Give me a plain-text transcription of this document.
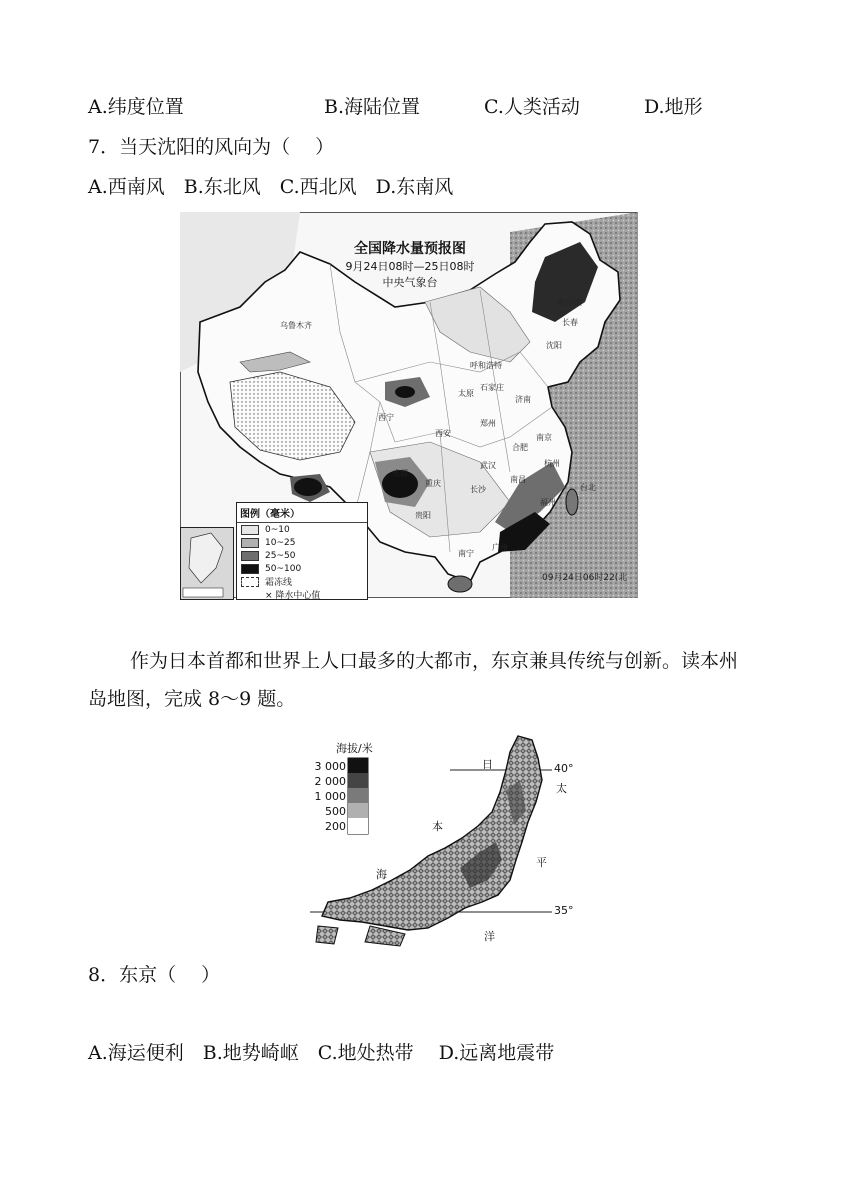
A.纬度位置	B.海陆位置	C.人类活动	D.地形
7．当天沈阳的风向为（　 ）
A.西南风　B.东北风　C.西北风　D.东南风
全国降水量预报图
9月24日08时—25日08时
中央气象台
哈尔滨
长春
沈阳
呼和浩特
太原
石家庄
济南
郑州
西宁
西安
成都
重庆
贵阳
长沙
武汉
合肥
南京
杭州
南昌
福州
南宁
广州
台北
乌鲁木齐
09月24日06时22(北
图例（毫米）
0~10
10~25
25~50
50~100
霜冻线
× 降水中心值
作为日本首都和世界上人口最多的大都市，东京兼具传统与创新。读本州
岛地图，完成 8～9 题。
海拔/米
3 000
2 000
1 000
500
200
40°
35°
日
本
海
太
平
洋
8．东京（　 ）
A.海运便利　B.地势崎岖　C.地处热带　 D.远离地震带
